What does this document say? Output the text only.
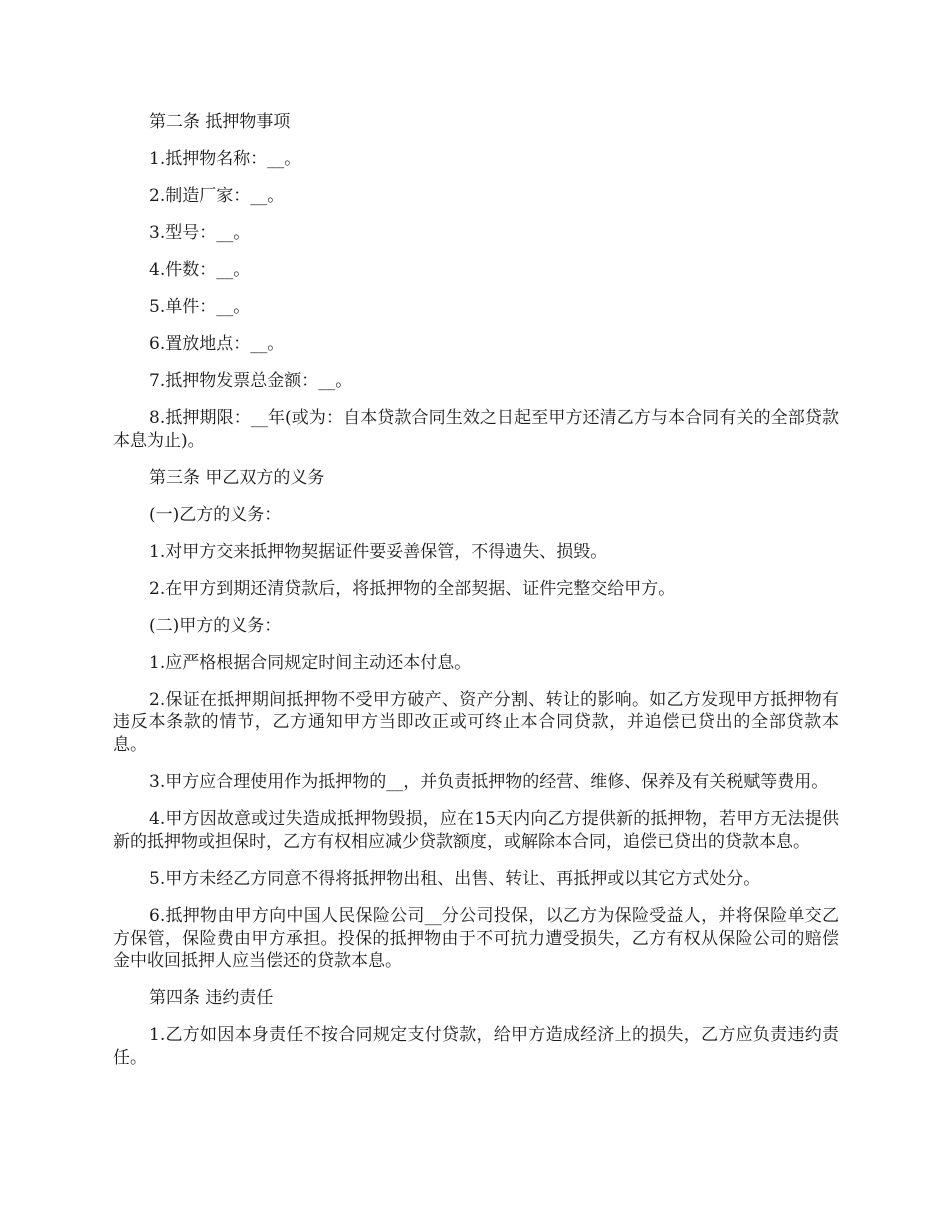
第二条 抵押物事项

1.抵押物名称：__。

2.制造厂家：__。

3.型号：__。

4.件数：__。

5.单件：__。

6.置放地点：__。

7.抵押物发票总金额：__。

8.抵押期限：__年(或为：自本贷款合同生效之日起至甲方还清乙方与本合同有关的全部贷款本息为止)。

第三条 甲乙双方的义务

(一)乙方的义务：

1.对甲方交来抵押物契据证件要妥善保管，不得遗失、损毁。

2.在甲方到期还清贷款后，将抵押物的全部契据、证件完整交给甲方。

(二)甲方的义务：

1.应严格根据合同规定时间主动还本付息。

2.保证在抵押期间抵押物不受甲方破产、资产分割、转让的影响。如乙方发现甲方抵押物有违反本条款的情节，乙方通知甲方当即改正或可终止本合同贷款，并追偿已贷出的全部贷款本息。

3.甲方应合理使用作为抵押物的__，并负责抵押物的经营、维修、保养及有关税赋等费用。

4.甲方因故意或过失造成抵押物毁损，应在15天内向乙方提供新的抵押物，若甲方无法提供新的抵押物或担保时，乙方有权相应减少贷款额度，或解除本合同，追偿已贷出的贷款本息。

5.甲方未经乙方同意不得将抵押物出租、出售、转让、再抵押或以其它方式处分。

6.抵押物由甲方向中国人民保险公司__分公司投保，以乙方为保险受益人，并将保险单交乙方保管，保险费由甲方承担。投保的抵押物由于不可抗力遭受损失，乙方有权从保险公司的赔偿金中收回抵押人应当偿还的贷款本息。

第四条 违约责任

1.乙方如因本身责任不按合同规定支付贷款，给甲方造成经济上的损失，乙方应负责违约责任。
